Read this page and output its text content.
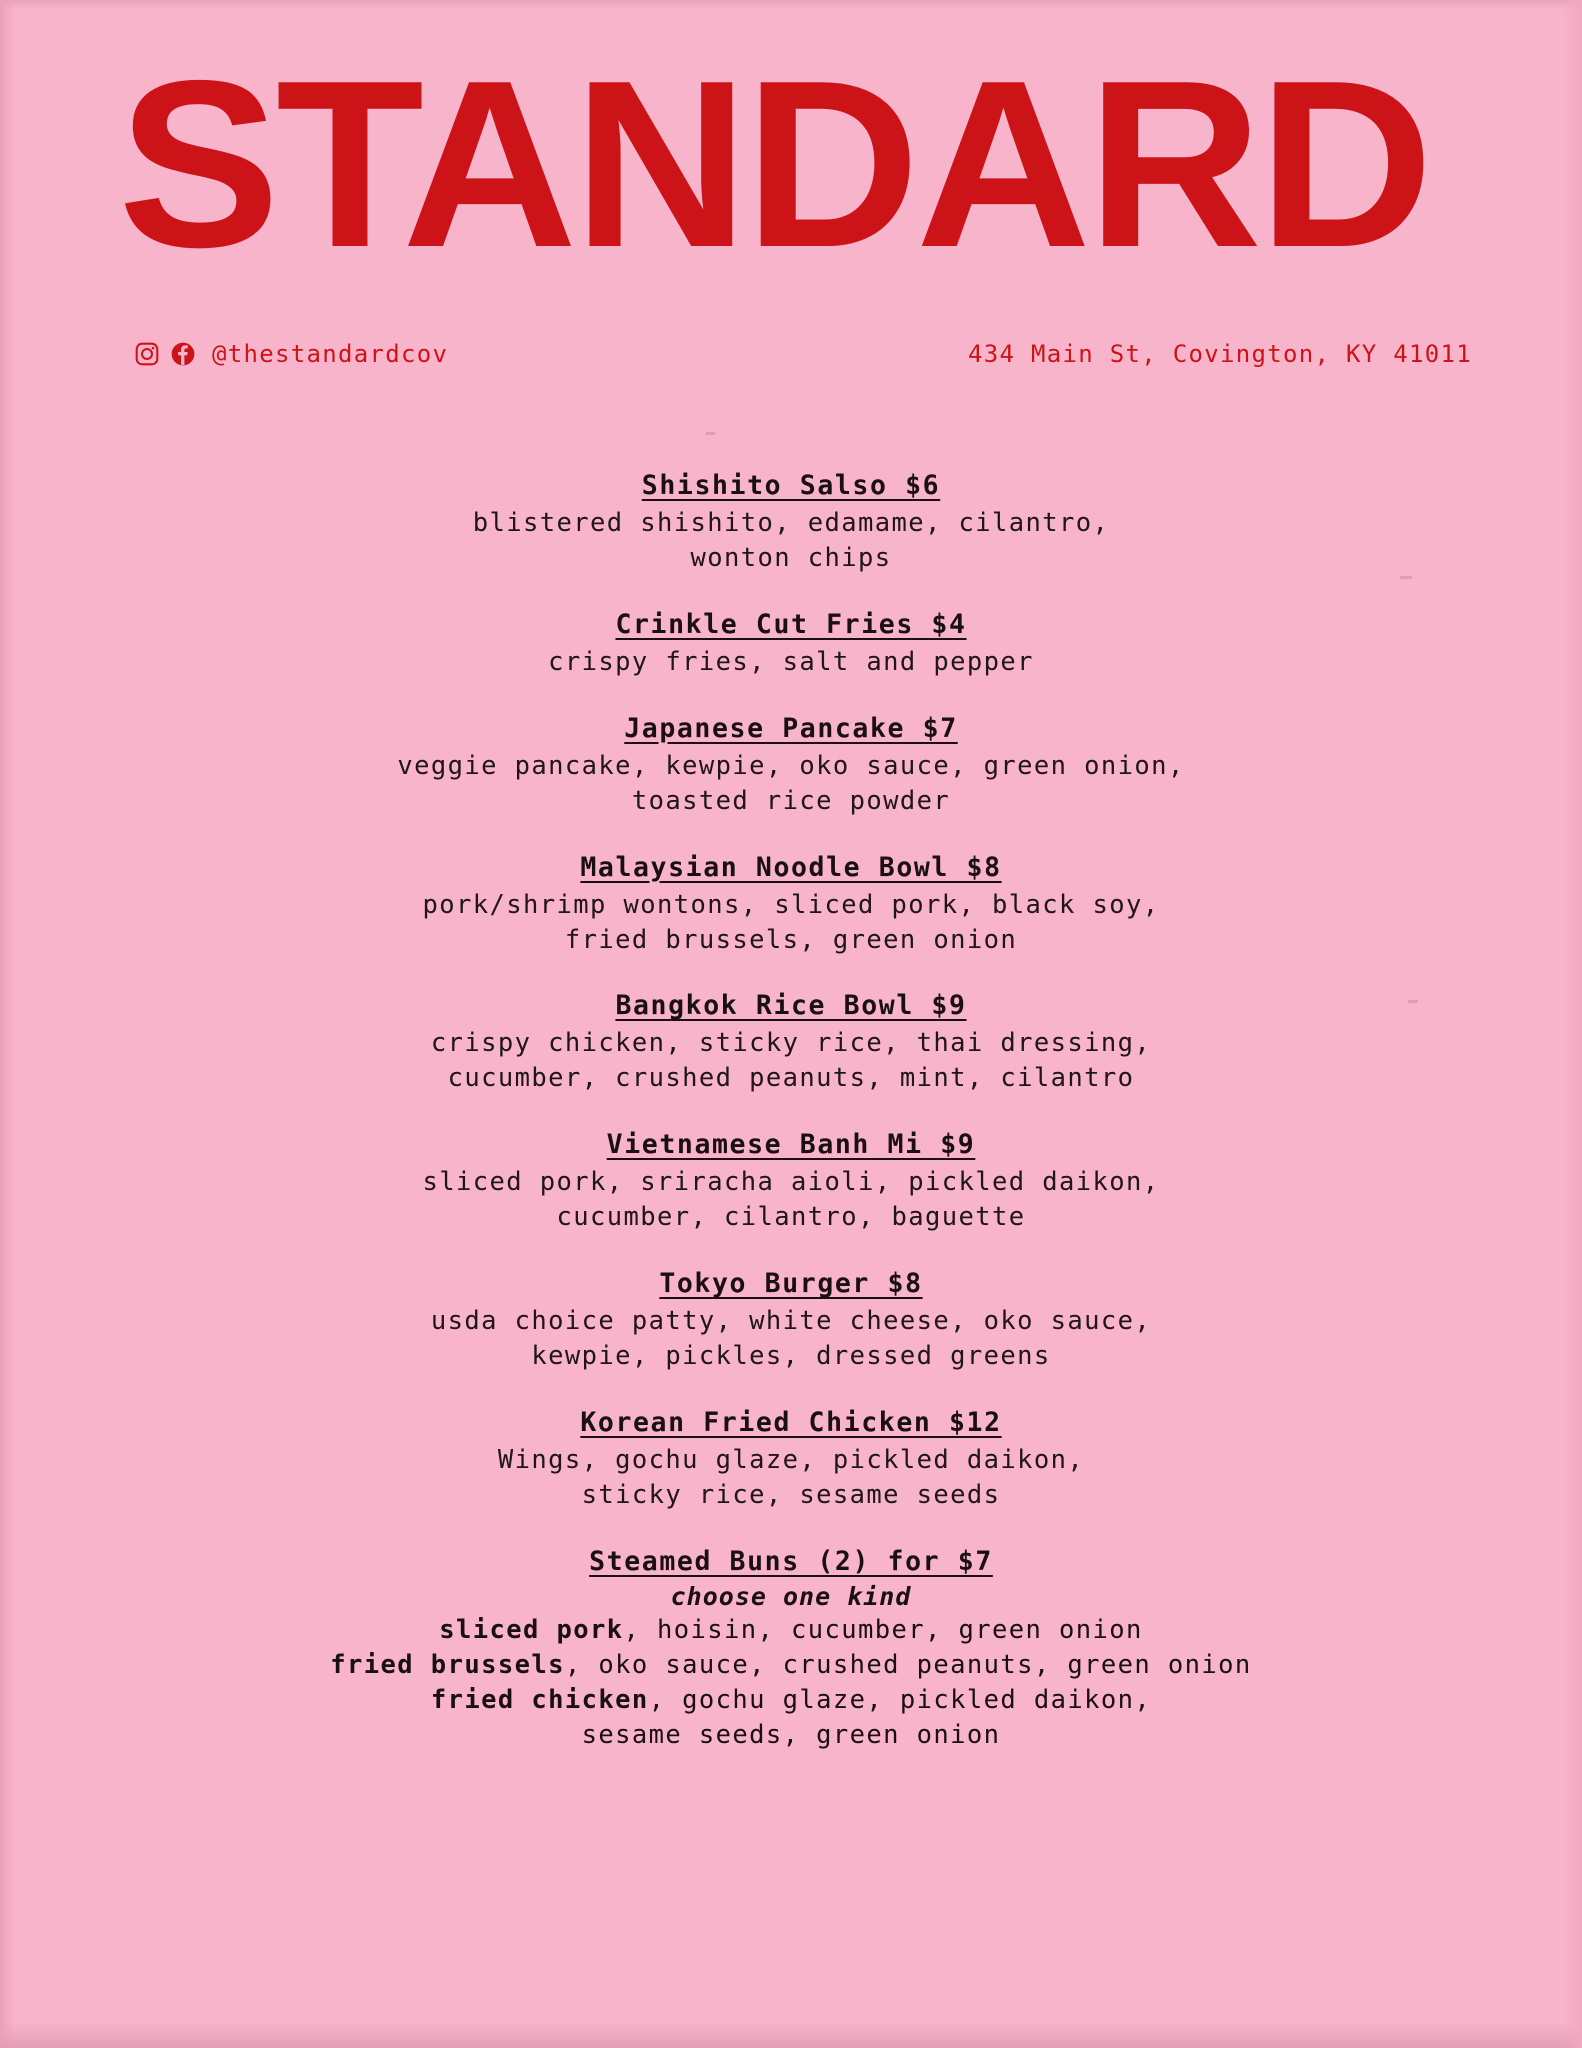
STANDARD
@thestandardcov	434 Main St, Covington, KY 41011
Shishito Salso $6
blistered shishito, edamame, cilantro,
wonton chips
Crinkle Cut Fries $4
crispy fries, salt and pepper
Japanese Pancake $7
veggie pancake, kewpie, oko sauce, green onion,
toasted rice powder
Malaysian Noodle Bowl $8
pork/shrimp wontons, sliced pork, black soy,
fried brussels, green onion
Bangkok Rice Bowl $9
crispy chicken, sticky rice, thai dressing,
cucumber, crushed peanuts, mint, cilantro
Vietnamese Banh Mi $9
sliced pork, sriracha aioli, pickled daikon,
cucumber, cilantro, baguette
Tokyo Burger $8
usda choice patty, white cheese, oko sauce,
kewpie, pickles, dressed greens
Korean Fried Chicken $12
Wings, gochu glaze, pickled daikon,
sticky rice, sesame seeds
Steamed Buns (2) for $7
choose one kind
sliced pork, hoisin, cucumber, green onion
fried brussels, oko sauce, crushed peanuts, green onion
fried chicken, gochu glaze, pickled daikon,
sesame seeds, green onion
